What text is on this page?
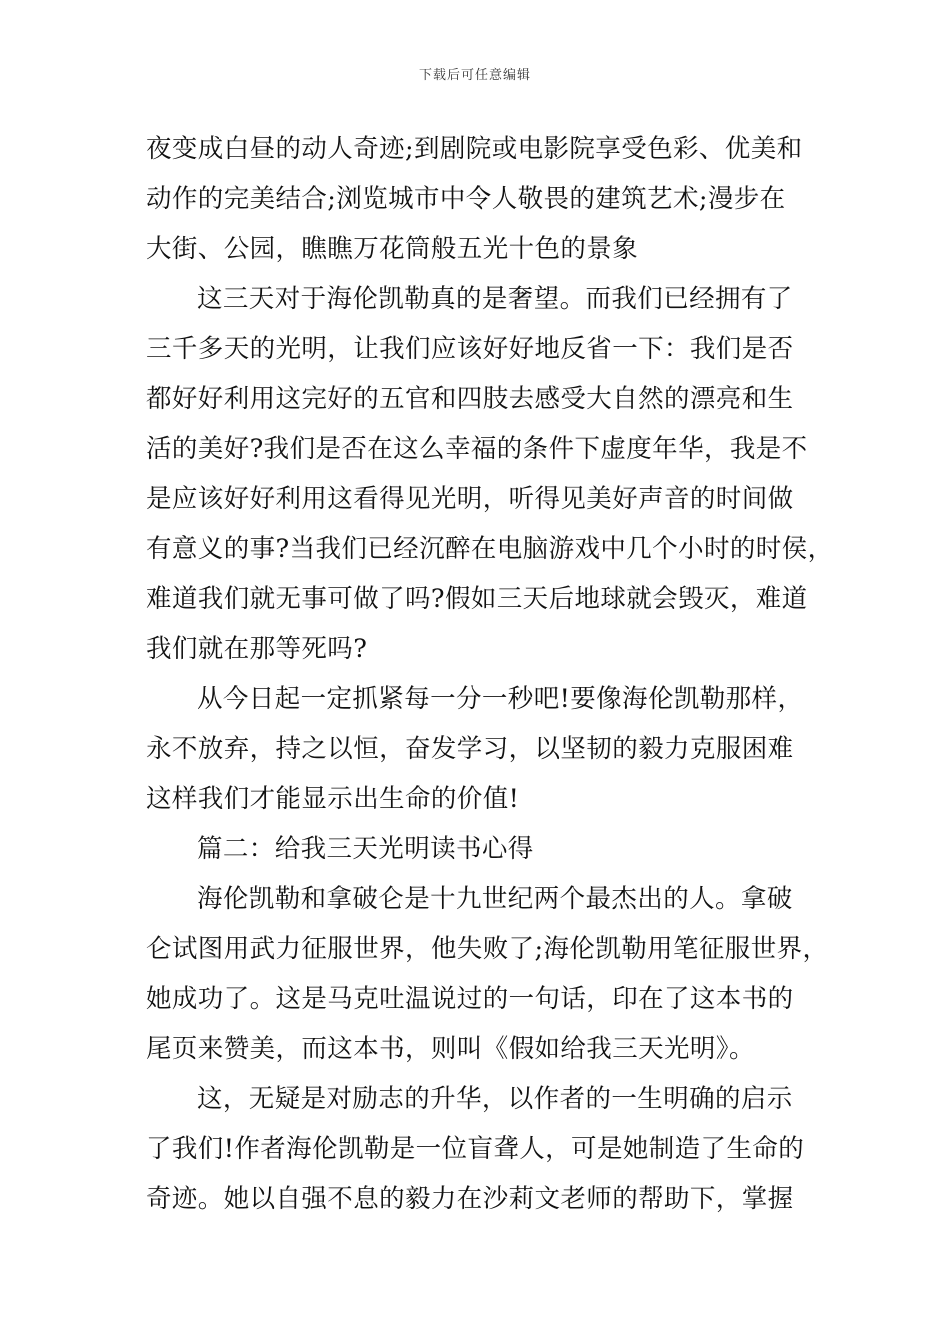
下载后可任意编辑
夜变成白昼的动人奇迹;到剧院或电影院享受色彩、优美和
动作的完美结合;浏览城市中令人敬畏的建筑艺术;漫步在
大街、公园，瞧瞧万花筒般五光十色的景象
这三天对于海伦凯勒真的是奢望。而我们已经拥有了
三千多天的光明，让我们应该好好地反省一下：我们是否
都好好利用这完好的五官和四肢去感受大自然的漂亮和生
活的美好?我们是否在这么幸福的条件下虚度年华，我是不
是应该好好利用这看得见光明，听得见美好声音的时间做
有意义的事?当我们已经沉醉在电脑游戏中几个小时的时侯，
难道我们就无事可做了吗?假如三天后地球就会毁灭，难道
我们就在那等死吗?
从今日起一定抓紧每一分一秒吧!要像海伦凯勒那样，
永不放弃，持之以恒，奋发学习，以坚韧的毅力克服困难
这样我们才能显示出生命的价值!
篇二：给我三天光明读书心得
海伦凯勒和拿破仑是十九世纪两个最杰出的人。拿破
仑试图用武力征服世界，他失败了;海伦凯勒用笔征服世界，
她成功了。这是马克吐温说过的一句话，印在了这本书的
尾页来赞美，而这本书，则叫《假如给我三天光明》。
这，无疑是对励志的升华，以作者的一生明确的启示
了我们!作者海伦凯勒是一位盲聋人，可是她制造了生命的
奇迹。她以自强不息的毅力在沙莉文老师的帮助下，掌握
